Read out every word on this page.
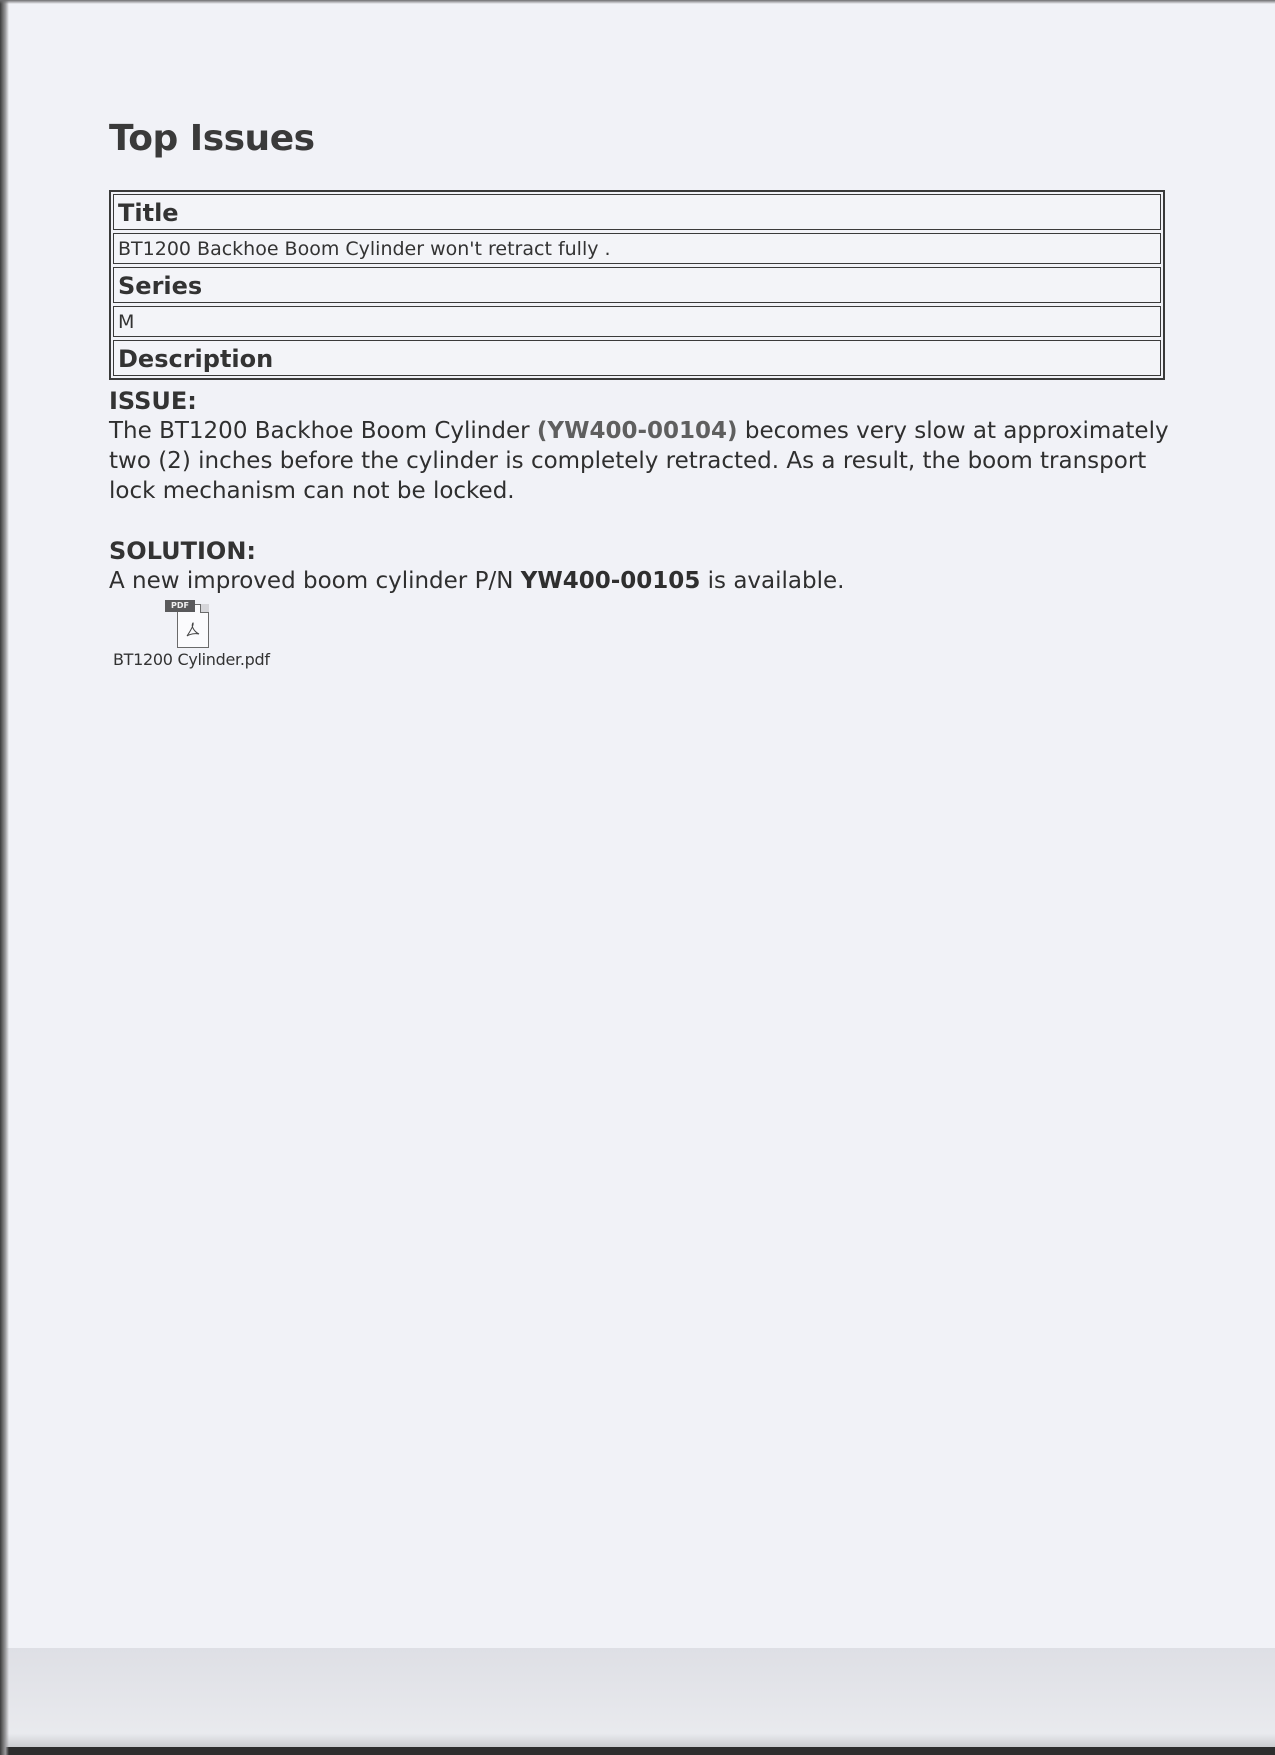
Top Issues
Title
BT1200 Backhoe Boom Cylinder won't retract fully .
Series
M
Description

ISSUE:

The BT1200 Backhoe Boom Cylinder (YW400-00104) becomes very slow at approximately two (2) inches before the cylinder is completely retracted. As a result, the boom transport lock mechanism can not be locked.

SOLUTION:

A new improved boom cylinder P/N YW400-00105 is available.

PDF
BT1200 Cylinder.pdf
